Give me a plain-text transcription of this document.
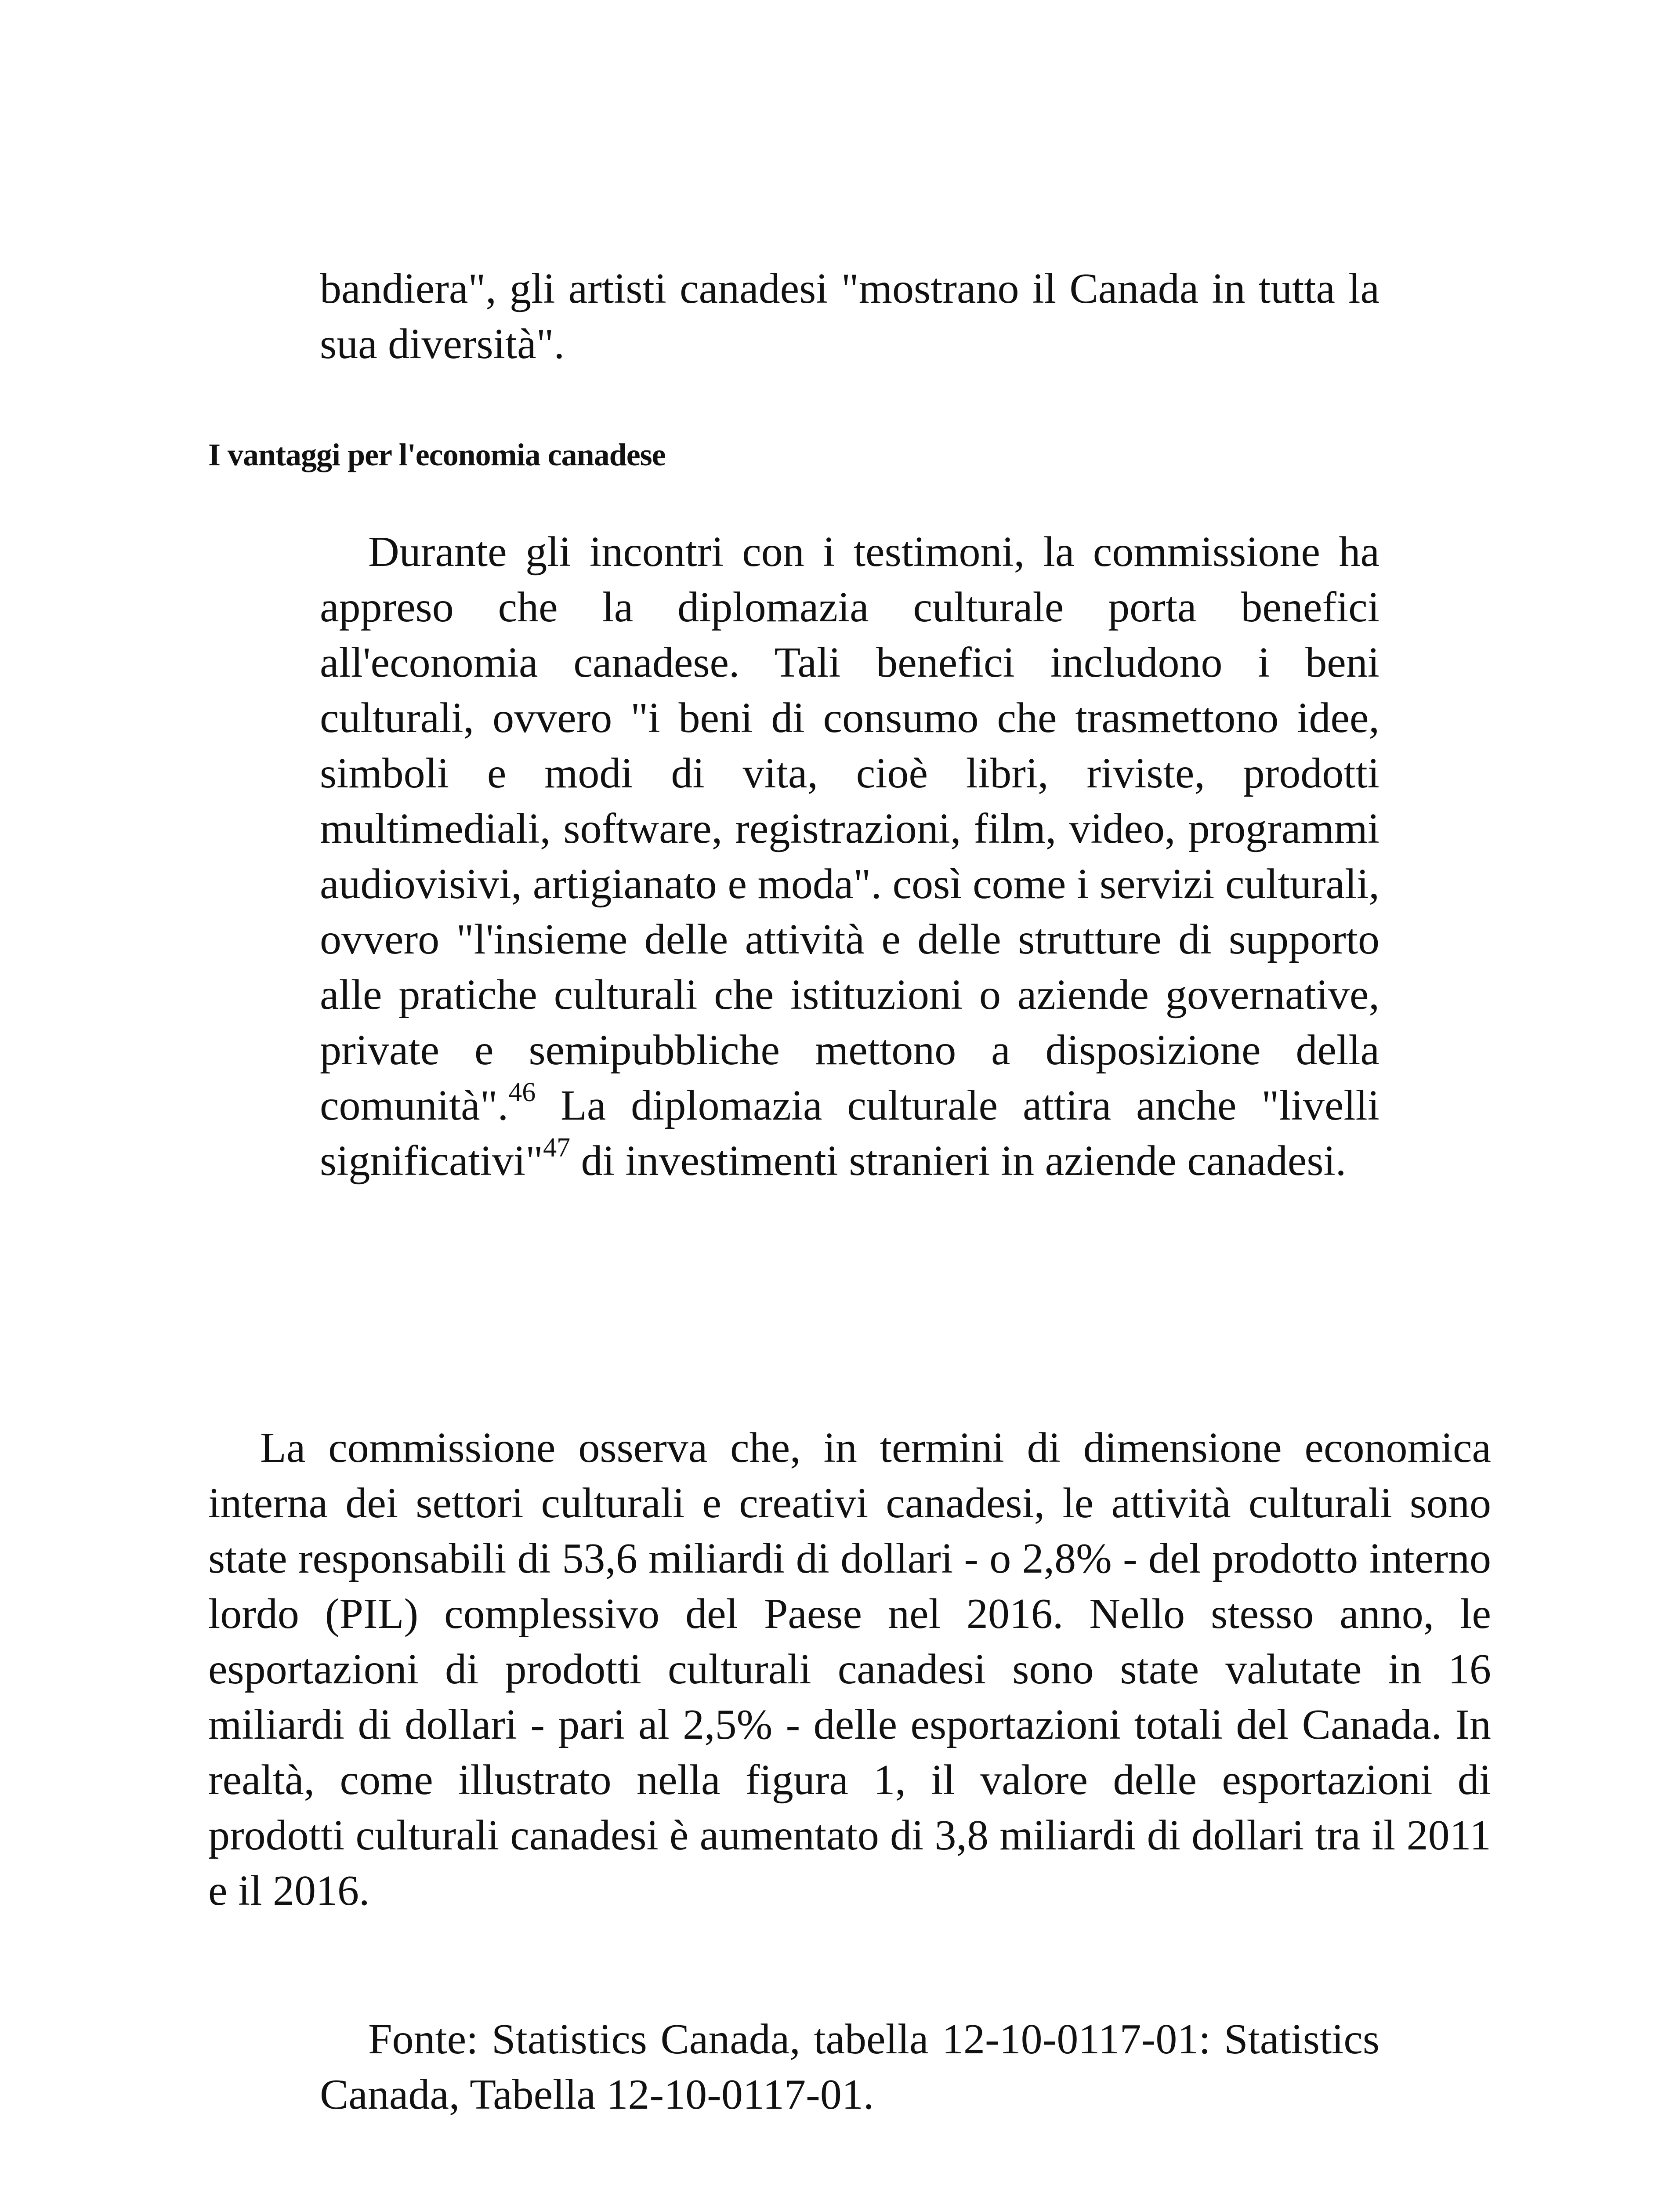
bandiera", gli artisti canadesi "mostrano il Canada in tutta la sua diversità".

I vantaggi per l'economia canadese

Durante gli incontri con i testimoni, la commissione ha appreso che la diplomazia culturale porta benefici all'economia canadese. Tali benefici includono i beni culturali, ovvero "i beni di consumo che trasmettono idee, simboli e modi di vita, cioè libri, riviste, prodotti multimediali, software, registrazioni, film, video, programmi audiovisivi, artigianato e moda". così come i servizi culturali, ovvero "l'insieme delle attività e delle strutture di supporto alle pratiche culturali che istituzioni o aziende governative, private e semipubbliche mettono a disposizione della comunità".$^{46}$ La diplomazia culturale attira anche "livelli significativi"$^{47}$ di investimenti stranieri in aziende canadesi.

La commissione osserva che, in termini di dimensione economica interna dei settori culturali e creativi canadesi, le attività culturali sono state responsabili di 53,6 miliardi di dollari - o 2,8% - del prodotto interno lordo (PIL) complessivo del Paese nel 2016. Nello stesso anno, le esportazioni di prodotti culturali canadesi sono state valutate in 16 miliardi di dollari - pari al 2,5% - delle esportazioni totali del Canada. In realtà, come illustrato nella figura 1, il valore delle esportazioni di prodotti culturali canadesi è aumentato di 3,8 miliardi di dollari tra il 2011 e il 2016.

Fonte: Statistics Canada, tabella 12-10-0117-01: Statistics Canada, Tabella 12-10-0117-01.
